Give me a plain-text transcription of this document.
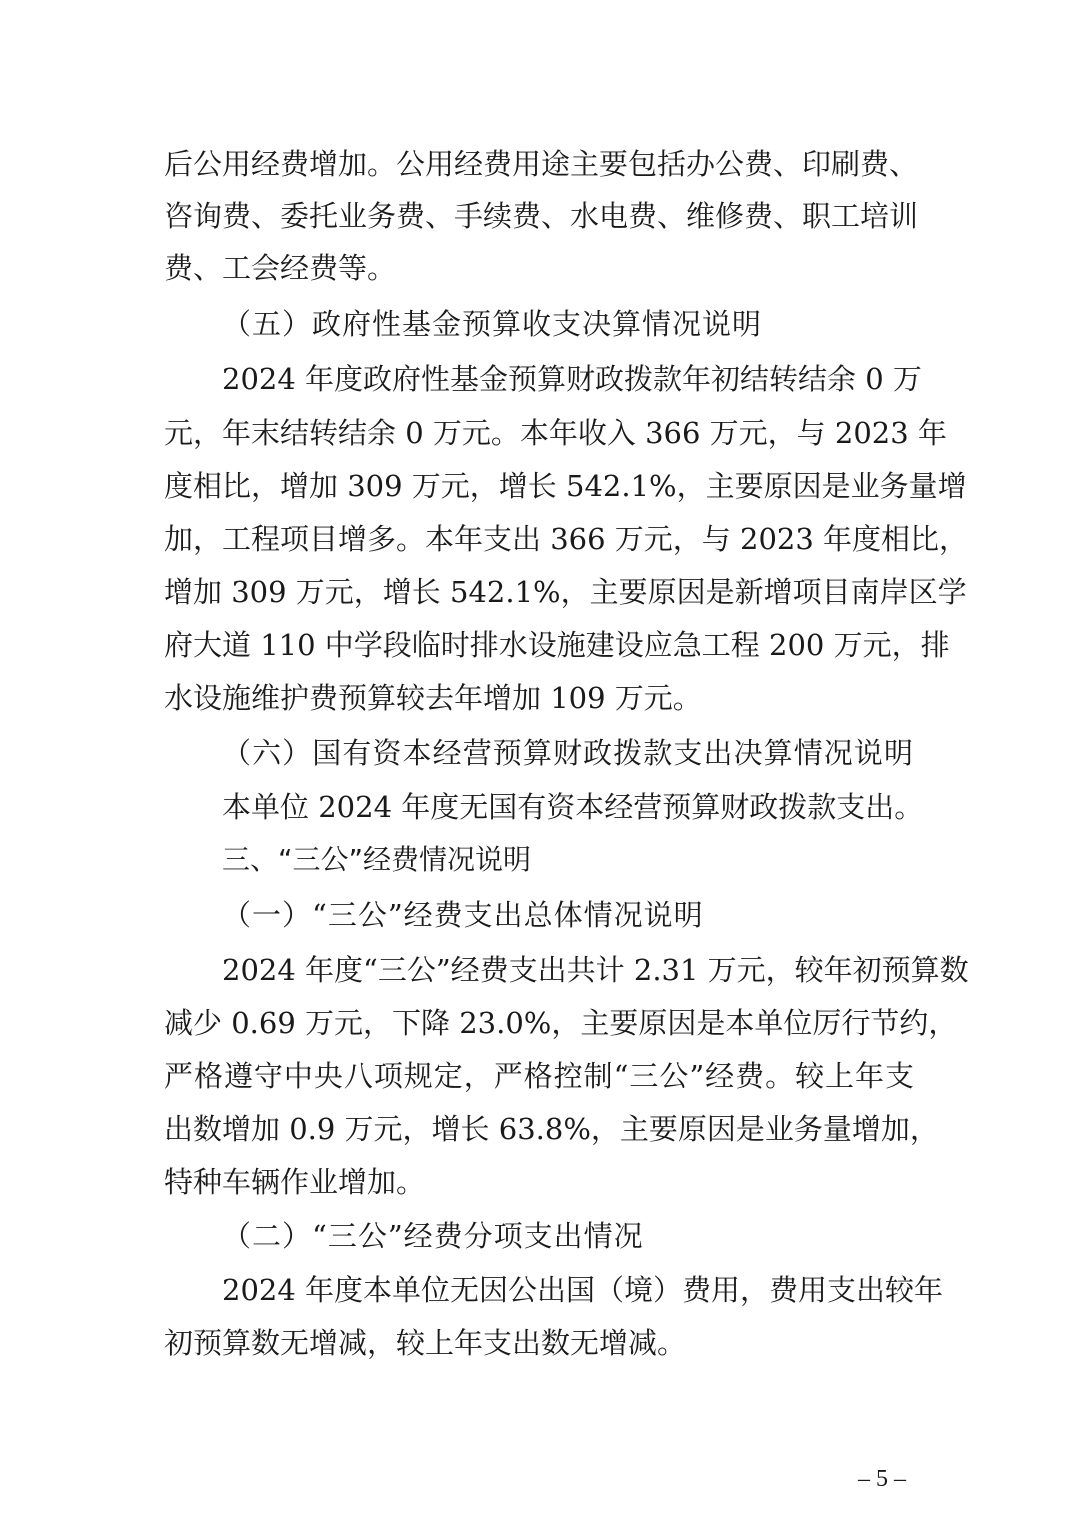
后公用经费增加。公用经费用途主要包括办公费、印刷费、
咨询费、委托业务费、手续费、水电费、维修费、职工培训
费、工会经费等。
（五）政府性基金预算收支决算情况说明
2024 年度政府性基金预算财政拨款年初结转结余 0 万
元，年末结转结余 0 万元。本年收入 366 万元，与 2023 年
度相比，增加 309 万元，增长 542.1%，主要原因是业务量增
加，工程项目增多。本年支出 366 万元，与 2023 年度相比，
增加 309 万元，增长 542.1%，主要原因是新增项目南岸区学
府大道 110 中学段临时排水设施建设应急工程 200 万元，排
水设施维护费预算较去年增加 109 万元。
（六）国有资本经营预算财政拨款支出决算情况说明
本单位 2024 年度无国有资本经营预算财政拨款支出。
三、“三公”经费情况说明
（一）“三公”经费支出总体情况说明
2024 年度“三公”经费支出共计 2.31 万元，较年初预算数
减少 0.69 万元，下降 23.0%，主要原因是本单位厉行节约，
严格遵守中央八项规定，严格控制“三公”经费。较上年支
出数增加 0.9 万元，增长 63.8%，主要原因是业务量增加，
特种车辆作业增加。
（二）“三公”经费分项支出情况
2024 年度本单位无因公出国（境）费用，费用支出较年
初预算数无增减，较上年支出数无增减。
– 5 –
